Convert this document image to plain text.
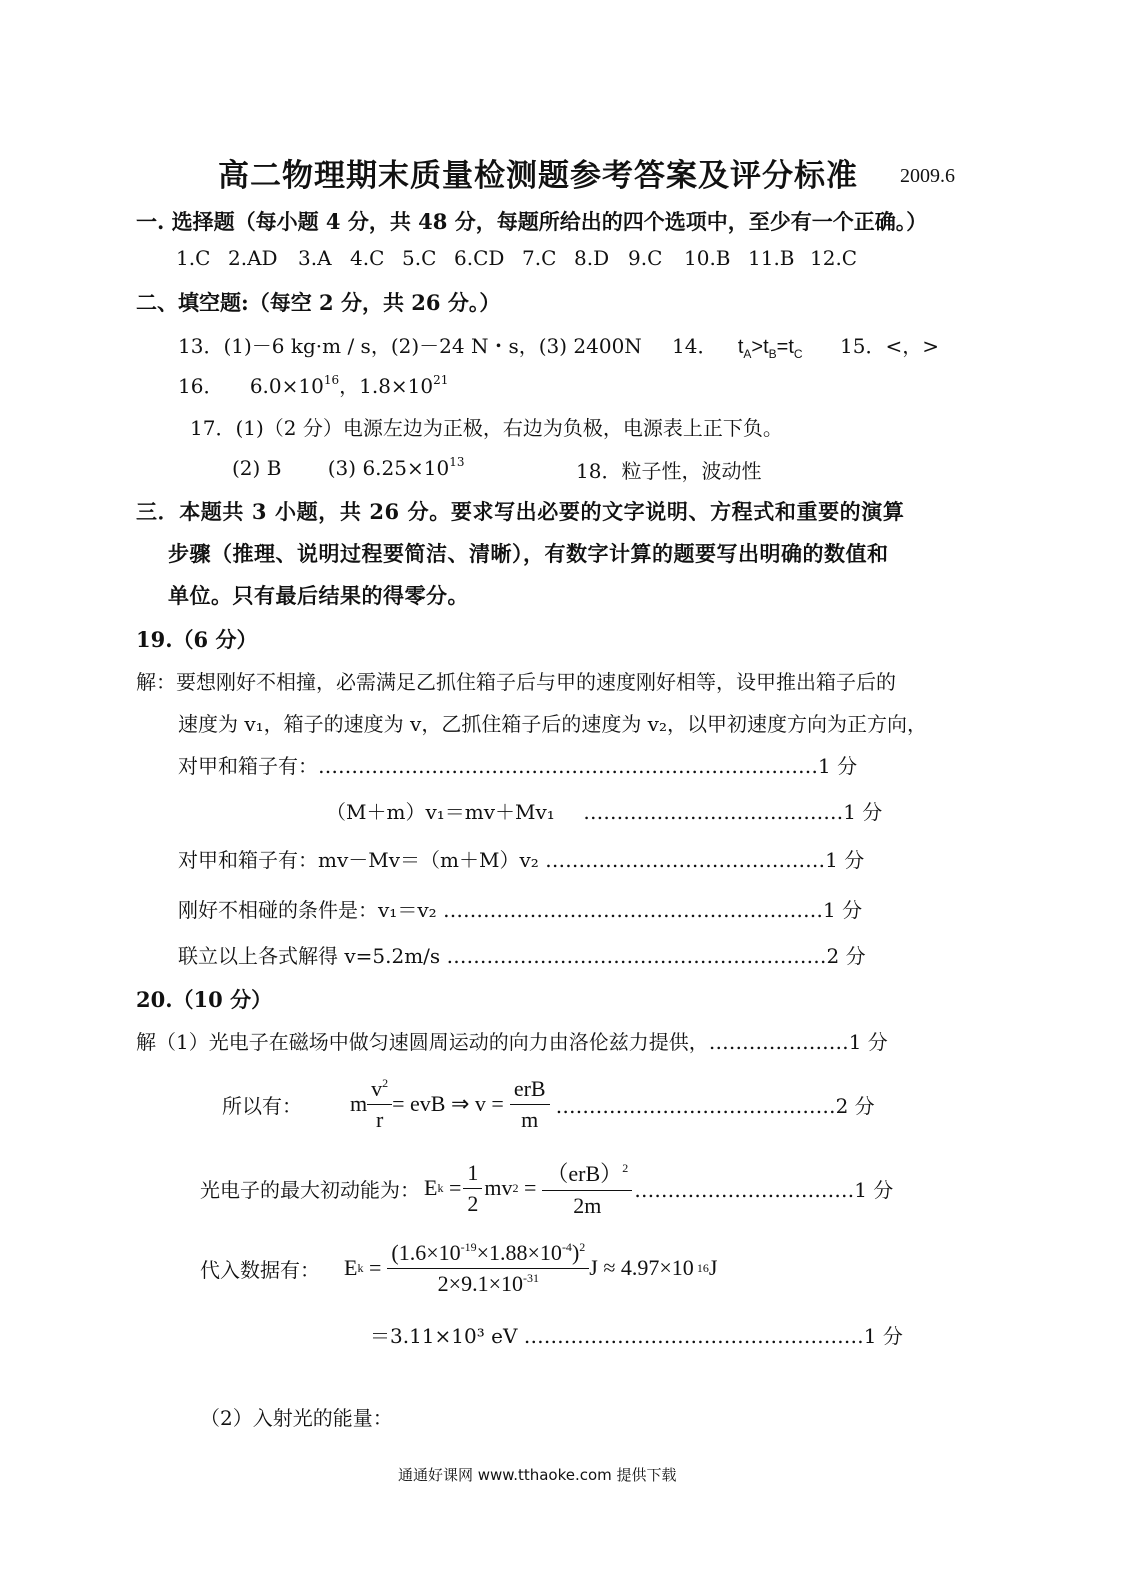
高二物理期末质量检测题参考答案及评分标准 2009.6
一. 选择题（每小题 4 分，共 48 分，每题所给出的四个选项中，至少有一个正确。）
1.C 2.AD	3.A 4.C 5.C 6.CD 7.C 8.D 9.C	10.B 11.B 12.C
二、填空题:（每空 2 分，共 26 分。）
13．(1)－6 kg·m / s，(2)－24 N・s，(3) 2400N 14． $t_A>t_B=t_C$ 15．<，>
16． $6.0\times 10^{16}$，$1.8\times 10^{21}$
17．(1)（2 分）电源左边为正极，右边为负极，电源表上正下负。
(2) B (3) $6.25\times 10^{13}$	18．粒子性，波动性
三．本题共 3 小题，共 26 分。要求写出必要的文字说明、方程式和重要的演算
步骤（推理、说明过程要简洁、清晰），有数字计算的题要写出明确的数值和
单位。只有最后结果的得零分。
19.（6 分）
解：要想刚好不相撞，必需满足乙抓住箱子后与甲的速度刚好相等，设甲推出箱子后的
速度为 v₁，箱子的速度为 v，乙抓住箱子后的速度为 v₂，以甲初速度方向为正方向，
对甲和箱子有：…………………………………………………………………1 分
（M＋m）v₁＝mv＋Mv₁ …………………………………1 分
对甲和箱子有：mv－Mv＝（m＋M）v₂ ……………………………………1 分
刚好不相碰的条件是：v₁＝v₂ …………………………………………………1 分
联立以上各式解得 v=5.2m/s …………………………………………………2 分
20.（10 分）
解（1）光电子在磁场中做匀速圆周运动的向力由洛伦兹力提供，…………………1 分
所以有： m $\frac{v^2}{r}$ = evB ⇒ $v = \frac{\text{erB}}{m}$ ……………………………………2 分
光电子的最大初动能为： E $k = \frac{1}{2}$ mv $2 = \frac{(erB)^2}{2m}$ ……………………………1 分
代入数据有： E $k = \frac{(1.6\times 10^{-19}\times 1.88\times 10^{-4})^2}{2\times 9.1\times 10^{-31}}$ J ≈ 4.97×10 16 J
＝3.11×10³ eV ……………………………………………1 分
（2）入射光的能量：
通通好课网 www.tthaoke.com 提供下载
